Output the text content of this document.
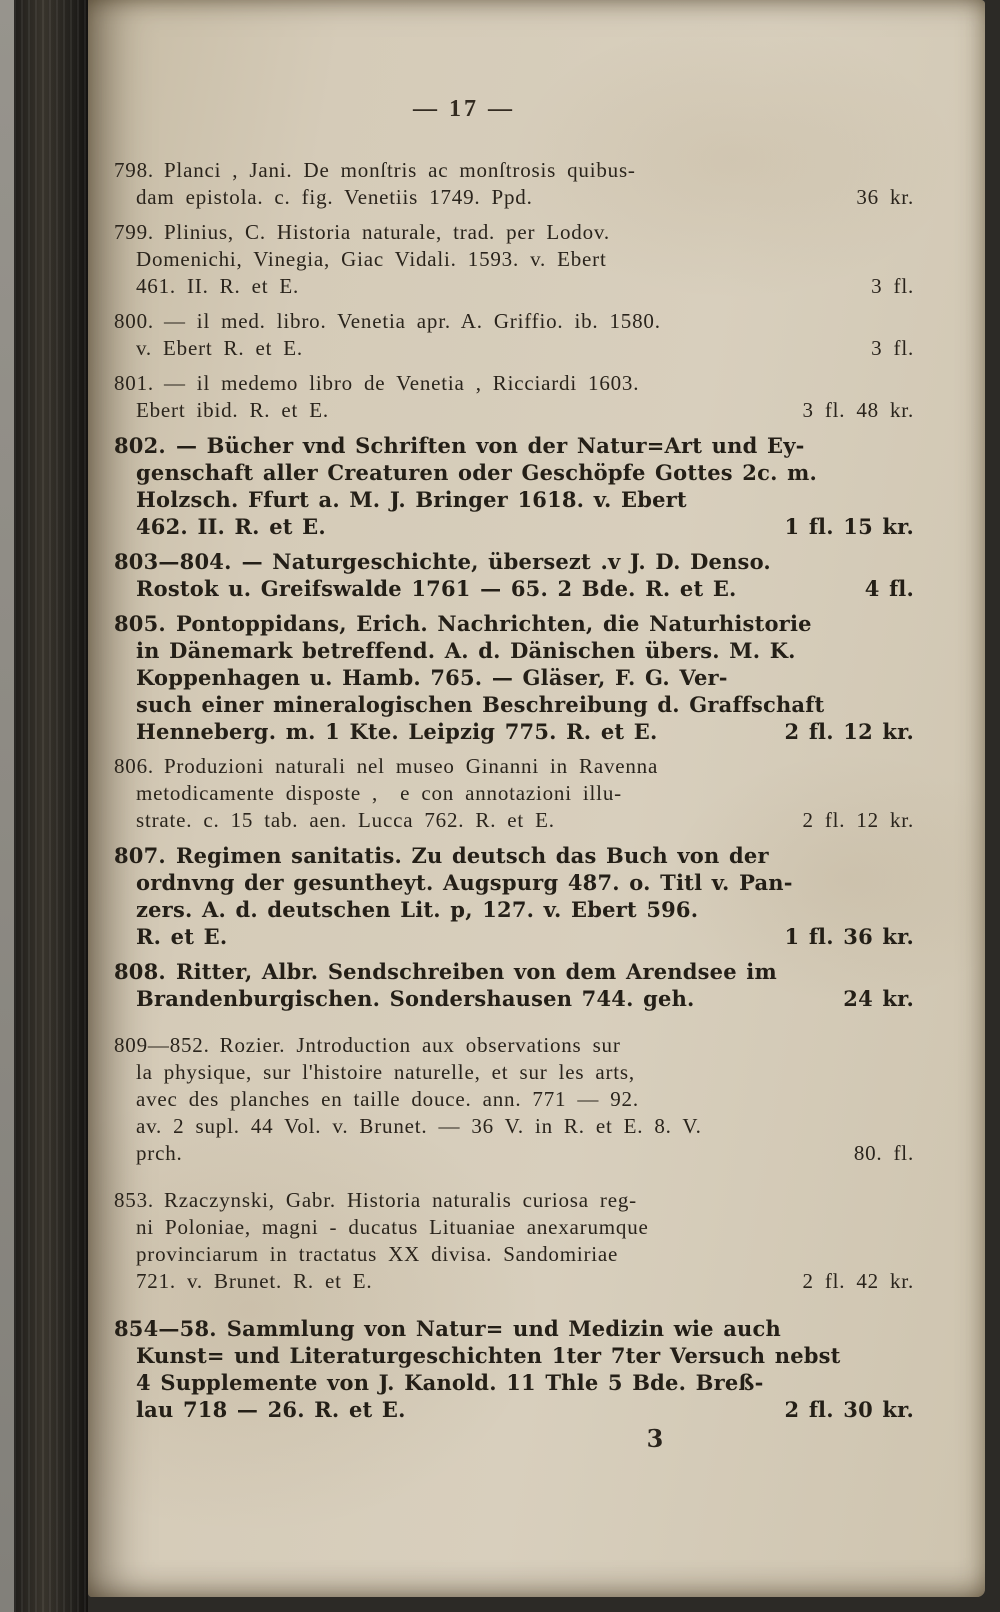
— 17 —
798. Planci , Jani. De monſtris ac monſtrosis quibus-
dam epistola. c. fig. Venetiis 1749. Ppd.	36 kr.
799. Plinius, C. Historia naturale, trad. per Lodov.
Domenichi, Vinegia, Giac Vidali. 1593. v. Ebert
461. II. R. et E.	3 fl.
800. — il med. libro. Venetia apr. A. Griffio. ib. 1580.
v. Ebert R. et E.	3 fl.
801. — il medemo libro de Venetia , Ricciardi 1603.
Ebert ibid. R. et E.	3 fl. 48 kr.
802. — Bücher vnd Schriften von der Natur=Art und Ey-
genschaft aller Creaturen oder Geschöpfe Gottes 2c. m.
Holzsch. Ffurt a. M. J. Bringer 1618. v. Ebert
462. II. R. et E.	1 fl. 15 kr.
803—804. — Naturgeschichte, übersezt .v J. D. Denso.
Rostok u. Greifswalde 1761 — 65. 2 Bde. R. et E.	4 fl.
805. Pontoppidans, Erich. Nachrichten, die Naturhistorie
in Dänemark betreffend. A. d. Dänischen übers. M. K.
Koppenhagen u. Hamb. 765. — Gläser, F. G. Ver-
such einer mineralogischen Beschreibung d. Graffschaft
Henneberg. m. 1 Kte. Leipzig 775. R. et E.	2 fl. 12 kr.
806. Produzioni naturali nel museo Ginanni in Ravenna
metodicamente disposte ,  e con annotazioni illu-
strate. c. 15 tab. aen. Lucca 762. R. et E.	2 fl. 12 kr.
807. Regimen sanitatis. Zu deutsch das Buch von der
ordnvng der gesuntheyt. Augspurg 487. o. Titl v. Pan-
zers. A. d. deutschen Lit. p, 127. v. Ebert 596.
R. et E.	1 fl. 36 kr.
808. Ritter, Albr. Sendschreiben von dem Arendsee im
Brandenburgischen. Sondershausen 744. geh.	24 kr.
809—852. Rozier. Jntroduction aux observations sur
la physique, sur l'histoire naturelle, et sur les arts,
avec des planches en taille douce. ann. 771 — 92.
av. 2 supl. 44 Vol. v. Brunet. — 36 V. in R. et E. 8. V.
prch.	80. fl.
853. Rzaczynski, Gabr. Historia naturalis curiosa reg-
ni Poloniae, magni - ducatus Lituaniae anexarumque
provinciarum in tractatus XX divisa. Sandomiriae
721. v. Brunet. R. et E.	2 fl. 42 kr.
854—58. Sammlung von Natur= und Medizin wie auch
Kunst= und Literaturgeschichten 1ter 7ter Versuch nebst
4 Supplemente von J. Kanold. 11 Thle 5 Bde. Breß-
lau 718 — 26. R. et E.	2 fl. 30 kr.
3
